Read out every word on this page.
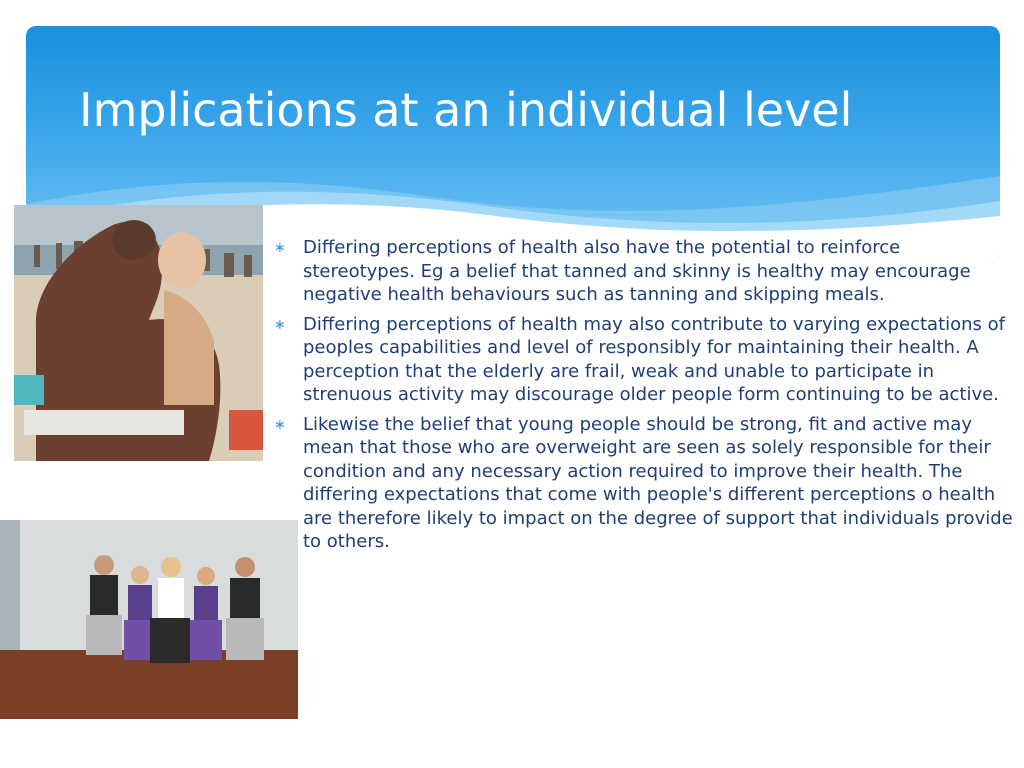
Implications at an individual level
∗ Differing perceptions of health also have the potential to reinforce stereotypes. Eg a belief that tanned and skinny is healthy may encourage negative health behaviours such as tanning and skipping meals.
∗ Differing perceptions of health may also contribute to varying expectations of peoples capabilities and level of responsibly for maintaining their health. A perception that the elderly are frail, weak and unable to participate in strenuous activity may discourage older people form continuing to be active.
∗ Likewise the belief that young people should be strong, fit and active may mean that those who are overweight are seen as solely responsible for their condition and any necessary action required to improve their health. The differing expectations that come with people's different perceptions o health are therefore likely to impact on the degree of support that individuals provide to others.
